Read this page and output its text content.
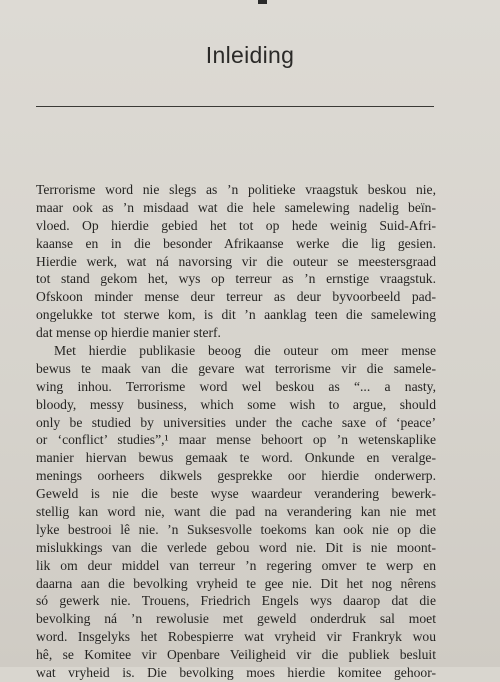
Inleiding
Terrorisme word nie slegs as ’n politieke vraagstuk beskou nie,
maar ook as ’n misdaad wat die hele samelewing nadelig beïn-
vloed. Op hierdie gebied het tot op hede weinig Suid-Afri-
kaanse en in die besonder Afrikaanse werke die lig gesien.
Hierdie werk, wat ná navorsing vir die outeur se meestersgraad
tot stand gekom het, wys op terreur as ’n ernstige vraagstuk.
Ofskoon minder mense deur terreur as deur byvoorbeeld pad-
ongelukke tot sterwe kom, is dit ’n aanklag teen die samelewing
dat mense op hierdie manier sterf.
Met hierdie publikasie beoog die outeur om meer mense
bewus te maak van die gevare wat terrorisme vir die samele-
wing inhou. Terrorisme word wel beskou as “... a nasty,
bloody, messy business, which some wish to argue, should
only be studied by universities under the cache saxe of ‘peace’
or ‘conflict’ studies”,¹ maar mense behoort op ’n wetenskaplike
manier hiervan bewus gemaak te word. Onkunde en veralge-
menings oorheers dikwels gesprekke oor hierdie onderwerp.
Geweld is nie die beste wyse waardeur verandering bewerk-
stellig kan word nie, want die pad na verandering kan nie met
lyke bestrooi lê nie. ’n Suksesvolle toekoms kan ook nie op die
mislukkings van die verlede gebou word nie. Dit is nie moont-
lik om deur middel van terreur ’n regering omver te werp en
daarna aan die bevolking vryheid te gee nie. Dit het nog nêrens
só gewerk nie. Trouens, Friedrich Engels wys daarop dat die
bevolking ná ’n rewolusie met geweld onderdruk sal moet
word. Insgelyks het Robespierre wat vryheid vir Frankryk wou
hê, se Komitee vir Openbare Veiligheid vir die publiek besluit
wat vryheid is. Die bevolking moes hierdie komitee gehoor-
